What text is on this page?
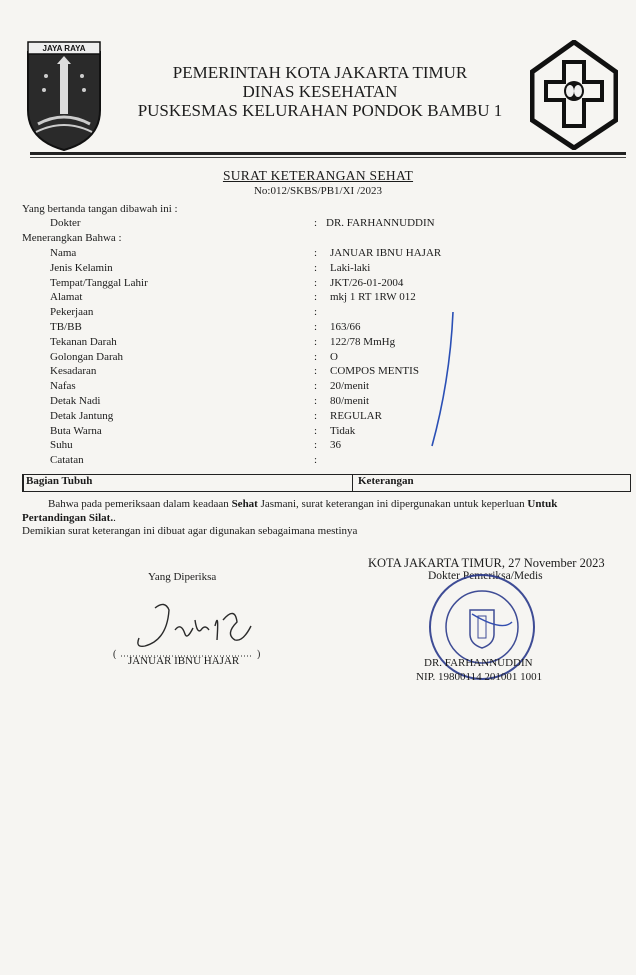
JAYA RAYA
PEMERINTAH KOTA JAKARTA TIMUR
DINAS KESEHATAN
PUSKESMAS KELURAHAN PONDOK BAMBU 1
SURAT KETERANGAN SEHAT
No:012/SKBS/PB1/XI /2023
Yang bertanda tangan dibawah ini :
Dokter	: DR. FARHANNUDDIN
Menerangkan Bahwa :
Nama	: JANUAR IBNU HAJAR
Jenis Kelamin	: Laki-laki
Tempat/Tanggal Lahir	: JKT/26-01-2004
Alamat	: mkj 1 RT 1RW 012
Pekerjaan	:
TB/BB	: 163/66
Tekanan Darah	: 122/78 MmHg
Golongan Darah	: O
Kesadaran	: COMPOS MENTIS
Nafas	: 20/menit
Detak Nadi	: 80/menit
Detak Jantung	: REGULAR
Buta Warna	: Tidak
Suhu	: 36
Catatan	:
Bagian Tubuh	Keterangan
Bahwa pada pemeriksaan dalam keadaan Sehat Jasmani, surat keterangan ini dipergunakan untuk keperluan Untuk Pertandingan Silat..
Demikian surat keterangan ini dibuat agar digunakan sebagaimana mestinya
KOTA JAKARTA TIMUR, 27 November 2023
Dokter Pemeriksa/Medis
Yang Diperiksa
(	)
JANUAR IBNU HAJAR	DR. FARHANNUDDIN
NIP. 19800114 201001 1001
